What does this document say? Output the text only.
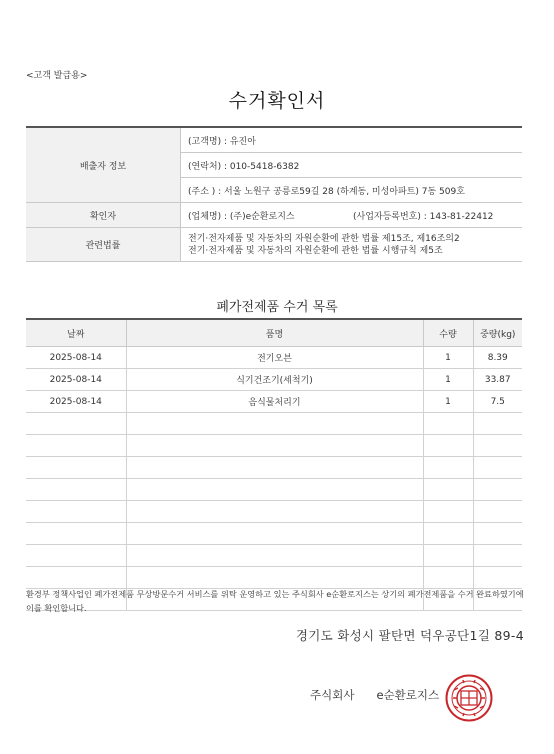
<고객 발급용>
수거확인서
배출자 정보	(고객명) : 유진아
	(연락처) : 010-5418-6382
	(주소 ) : 서울 노원구 공릉로59길 28 (하계동, 미성아파트) 7동 509호
확인자	(업체명) : (주)e순환로지스 (사업자등록번호) : 143-81-22412

관련법률	전기·전자제품 및 자동차의 자원순환에 관한 법률 제15조, 제16조의2
전기·전자제품 및 자동차의 자원순환에 관한 법률 시행규칙 제5조
폐가전제품 수거 목록
날짜	품명	수량	중량(kg)
2025-08-14	전기오븐	1	8.39
2025-08-14	식기건조기(세척기)	1	33.87
2025-08-14	음식물처리기	1	7.5

환경부 정책사업인 폐가전제품 무상방문수거 서비스를 위탁 운영하고 있는 주식회사 e순환로지스는 상기의 폐가전제품을 수거 완료하였기에 이를 확인합니다.
경기도 화성시 팔탄면 덕우공단1길 89-4
주식회사 e순환로지스
